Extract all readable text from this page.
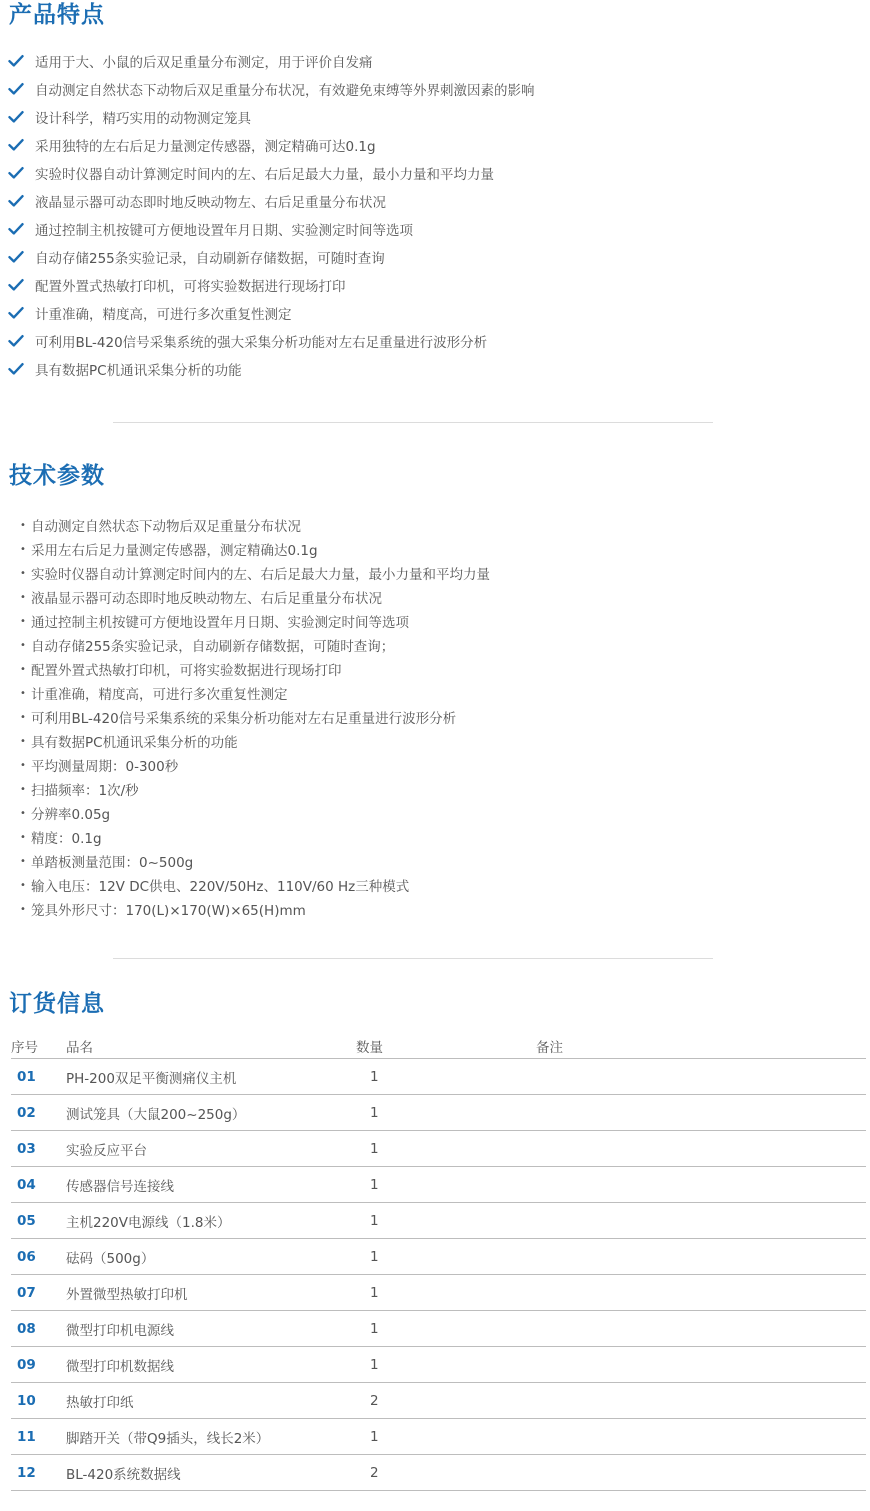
产品特点
适用于大、小鼠的后双足重量分布测定，用于评价自发痛
自动测定自然状态下动物后双足重量分布状况，有效避免束缚等外界刺激因素的影响
设计科学，精巧实用的动物测定笼具
采用独特的左右后足力量测定传感器，测定精确可达0.1g
实验时仪器自动计算测定时间内的左、右后足最大力量，最小力量和平均力量
液晶显示器可动态即时地反映动物左、右后足重量分布状况
通过控制主机按键可方便地设置年月日期、实验测定时间等选项
自动存储255条实验记录，自动刷新存储数据，可随时查询
配置外置式热敏打印机，可将实验数据进行现场打印
计重准确，精度高，可进行多次重复性测定
可利用BL-420信号采集系统的强大采集分析功能对左右足重量进行波形分析
具有数据PC机通讯采集分析的功能
技术参数
• 自动测定自然状态下动物后双足重量分布状况
• 采用左右后足力量测定传感器，测定精确达0.1g
• 实验时仪器自动计算测定时间内的左、右后足最大力量，最小力量和平均力量
• 液晶显示器可动态即时地反映动物左、右后足重量分布状况
• 通过控制主机按键可方便地设置年月日期、实验测定时间等选项
• 自动存储255条实验记录，自动刷新存储数据，可随时查询；
• 配置外置式热敏打印机，可将实验数据进行现场打印
• 计重准确，精度高，可进行多次重复性测定
• 可利用BL-420信号采集系统的采集分析功能对左右足重量进行波形分析
• 具有数据PC机通讯采集分析的功能
• 平均测量周期：0-300秒
• 扫描频率：1次/秒
• 分辨率0.05g
• 精度：0.1g
• 单踏板测量范围：0~500g
• 输入电压：12V DC供电、220V/50Hz、110V/60 Hz三种模式
• 笼具外形尺寸：170(L)×170(W)×65(H)mm
订货信息
序号	品名	数量	备注
01	PH-200双足平衡测痛仪主机	1	
02	测试笼具（大鼠200~250g）	1	
03	实验反应平台	1	
04	传感器信号连接线	1	
05	主机220V电源线（1.8米）	1	
06	砝码（500g）	1	
07	外置微型热敏打印机	1	
08	微型打印机电源线	1	
09	微型打印机数据线	1	
10	热敏打印纸	2	
11	脚踏开关（带Q9插头，线长2米）	1	
12	BL-420系统数据线	2	
